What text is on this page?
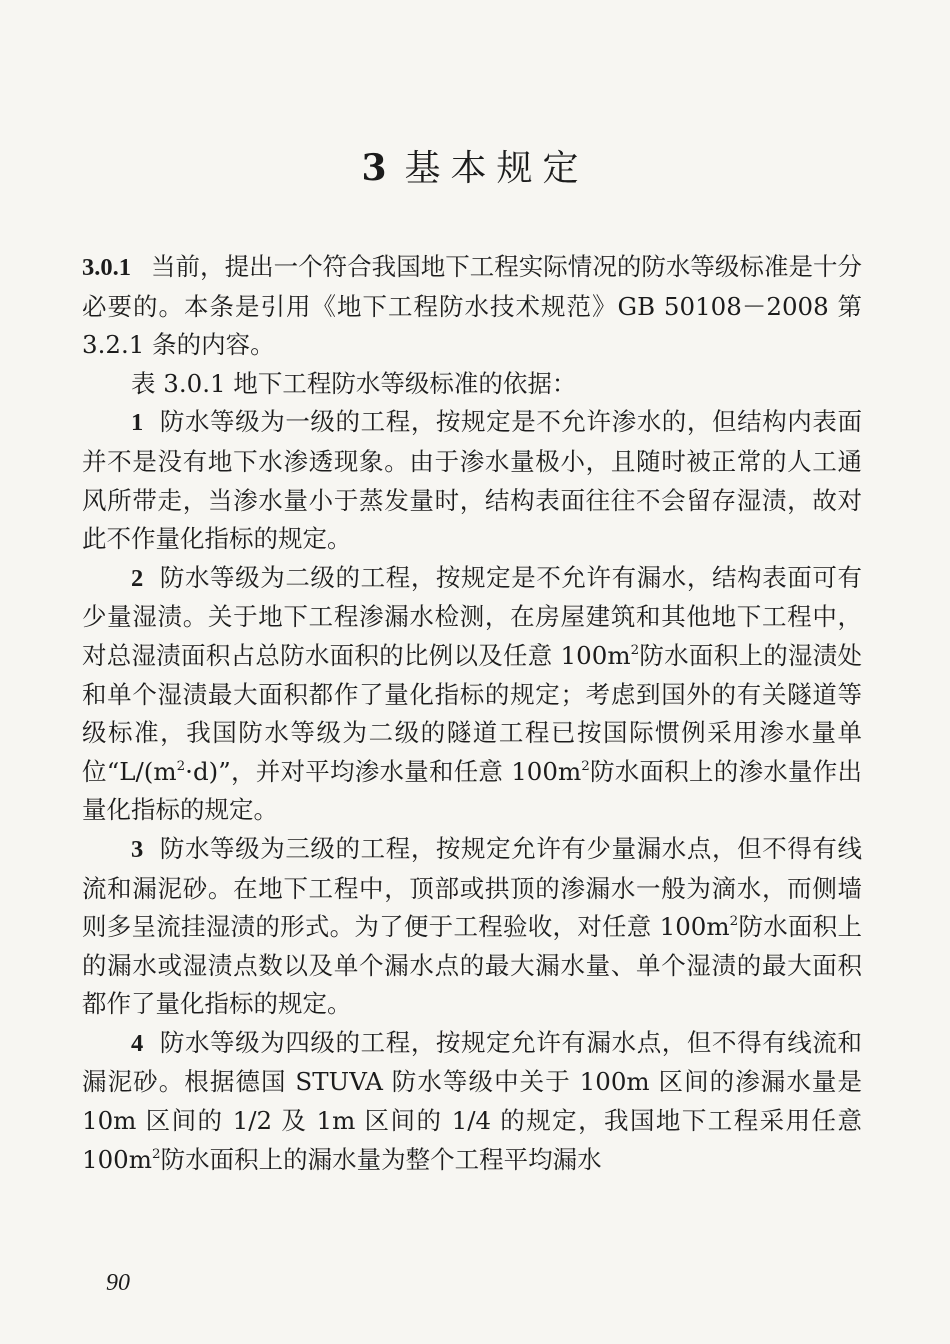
3 基本规定

3.0.1 当前，提出一个符合我国地下工程实际情况的防水等级标准是十分必要的。本条是引用《地下工程防水技术规范》GB 50108－2008 第 3.2.1 条的内容。

表 3.0.1 地下工程防水等级标准的依据：

1 防水等级为一级的工程，按规定是不允许渗水的，但结构内表面并不是没有地下水渗透现象。由于渗水量极小，且随时被正常的人工通风所带走，当渗水量小于蒸发量时，结构表面往往不会留存湿渍，故对此不作量化指标的规定。

2 防水等级为二级的工程，按规定是不允许有漏水，结构表面可有少量湿渍。关于地下工程渗漏水检测，在房屋建筑和其他地下工程中，对总湿渍面积占总防水面积的比例以及任意 $100m^2$防水面积上的湿渍处和单个湿渍最大面积都作了量化指标的规定；考虑到国外的有关隧道等级标准，我国防水等级为二级的隧道工程已按国际惯例采用渗水量单位“$L/(m^2\cdot d)$”，并对平均渗水量和任意 $100m^2$防水面积上的渗水量作出量化指标的规定。

3 防水等级为三级的工程，按规定允许有少量漏水点，但不得有线流和漏泥砂。在地下工程中，顶部或拱顶的渗漏水一般为滴水，而侧墙则多呈流挂湿渍的形式。为了便于工程验收，对任意 $100m^2$防水面积上的漏水或湿渍点数以及单个漏水点的最大漏水量、单个湿渍的最大面积都作了量化指标的规定。

4 防水等级为四级的工程，按规定允许有漏水点，但不得有线流和漏泥砂。根据德国 STUVA 防水等级中关于 100m 区间的渗漏水量是 10m 区间的 1/2 及 1m 区间的 1/4 的规定，我国地下工程采用任意 $100m^2$防水面积上的漏水量为整个工程平均漏水

90
